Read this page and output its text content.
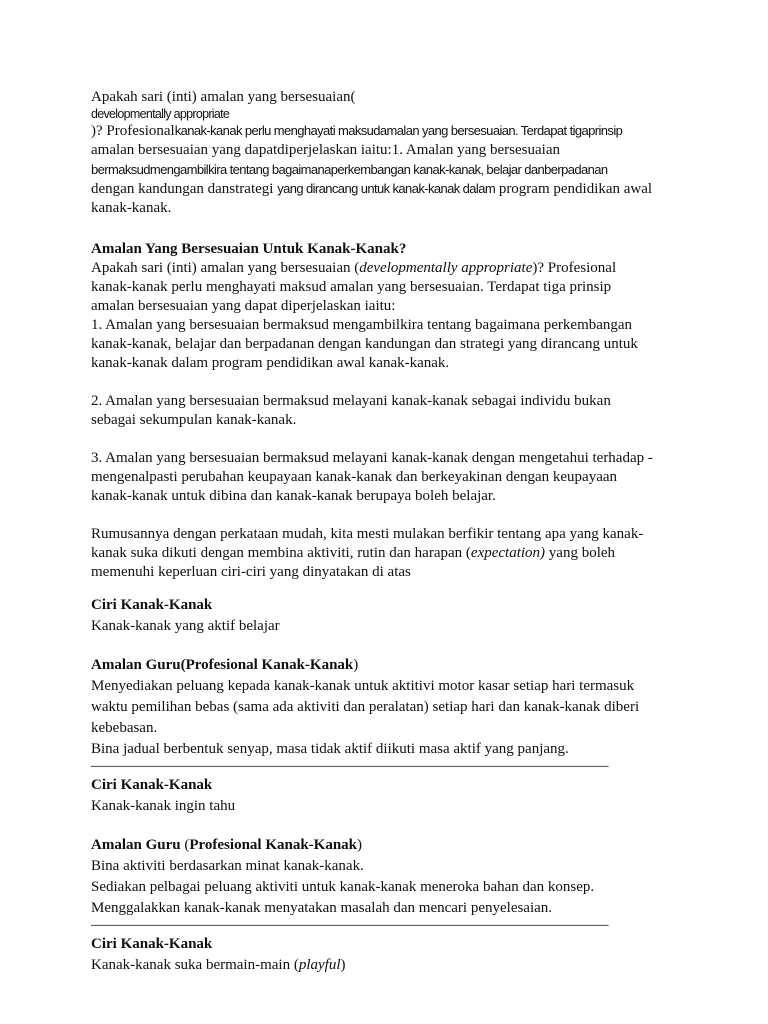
Apakah sari (inti) amalan yang bersesuaian(

developmentally appropriate

)? Profesionalkanak-kanak perlu menghayati maksudamalan yang bersesuaian. Terdapat tigaprinsip

amalan bersesuaian yang dapatdiperjelaskan iaitu:1. Amalan yang bersesuaian

bermaksudmengambilkira tentang bagaimanaperkembangan kanak-kanak, belajar danberpadanan

dengan kandungan danstrategi yang dirancang untuk kanak-kanak dalam program pendidikan awal

kanak-kanak.

Amalan Yang Bersesuaian Untuk Kanak-Kanak?

Apakah sari (inti) amalan yang bersesuaian (developmentally appropriate)? Profesional

kanak-kanak perlu menghayati maksud amalan yang bersesuaian. Terdapat tiga prinsip

amalan bersesuaian yang dapat diperjelaskan iaitu:

1. Amalan yang bersesuaian bermaksud mengambilkira tentang bagaimana perkembangan

kanak-kanak, belajar dan berpadanan dengan kandungan dan strategi yang dirancang untuk

kanak-kanak dalam program pendidikan awal kanak-kanak.

2. Amalan yang bersesuaian bermaksud melayani kanak-kanak sebagai individu bukan

sebagai sekumpulan kanak-kanak.

3. Amalan yang bersesuaian bermaksud melayani kanak-kanak dengan mengetahui terhadap -

mengenalpasti perubahan keupayaan kanak-kanak dan berkeyakinan dengan keupayaan

kanak-kanak untuk dibina dan kanak-kanak berupaya boleh belajar.

Rumusannya dengan perkataan mudah, kita mesti mulakan berfikir tentang apa yang kanak-

kanak suka dikuti dengan membina aktiviti, rutin dan harapan (expectation) yang boleh

memenuhi keperluan ciri-ciri yang dinyatakan di atas

Ciri Kanak-Kanak

Kanak-kanak yang aktif belajar

Amalan Guru(Profesional Kanak-Kanak)

Menyediakan peluang kepada kanak-kanak untuk aktitivi motor kasar setiap hari termasuk

waktu pemilihan bebas (sama ada aktiviti dan peralatan) setiap hari dan kanak-kanak diberi

kebebasan.

Bina jadual berbentuk senyap, masa tidak aktif diikuti masa aktif yang panjang.

_____________________________________________________________________

Ciri Kanak-Kanak

Kanak-kanak ingin tahu

Amalan Guru (Profesional Kanak-Kanak)

Bina aktiviti berdasarkan minat kanak-kanak.

Sediakan pelbagai peluang aktiviti untuk kanak-kanak meneroka bahan dan konsep.

Menggalakkan kanak-kanak menyatakan masalah dan mencari penyelesaian.

_____________________________________________________________________

Ciri Kanak-Kanak

Kanak-kanak suka bermain-main (playful)
